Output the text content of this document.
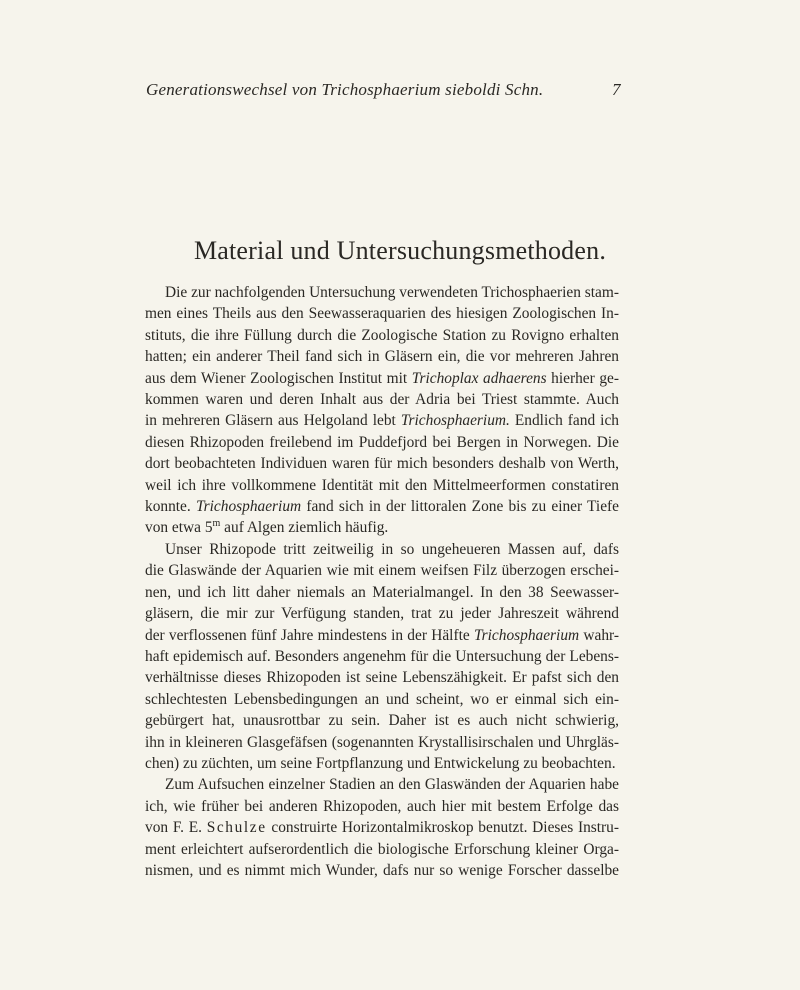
Generationswechsel von Trichosphaerium sieboldi Schn.	7
Material und Untersuchungsmethoden.
Die zur nachfolgenden Untersuchung verwendeten Trichosphaerien stam-
men eines Theils aus den Seewasseraquarien des hiesigen Zoologischen In-
stituts, die ihre Füllung durch die Zoologische Station zu Rovigno erhalten
hatten; ein anderer Theil fand sich in Gläsern ein, die vor mehreren Jahren
aus dem Wiener Zoologischen Institut mit Trichoplax adhaerens hierher ge-
kommen waren und deren Inhalt aus der Adria bei Triest stammte. Auch
in mehreren Gläsern aus Helgoland lebt Trichosphaerium. Endlich fand ich
diesen Rhizopoden freilebend im Puddefjord bei Bergen in Norwegen. Die
dort beobachteten Individuen waren für mich besonders deshalb von Werth,
weil ich ihre vollkommene Identität mit den Mittelmeerformen constatiren
konnte. Trichosphaerium fand sich in der littoralen Zone bis zu einer Tiefe
von etwa 5$^m$ auf Algen ziemlich häufig.
Unser Rhizopode tritt zeitweilig in so ungeheueren Massen auf, dafs
die Glaswände der Aquarien wie mit einem weifsen Filz überzogen erschei-
nen, und ich litt daher niemals an Materialmangel. In den 38 Seewasser-
gläsern, die mir zur Verfügung standen, trat zu jeder Jahreszeit während
der verflossenen fünf Jahre mindestens in der Hälfte Trichosphaerium wahr-
haft epidemisch auf. Besonders angenehm für die Untersuchung der Lebens-
verhältnisse dieses Rhizopoden ist seine Lebenszähigkeit. Er pafst sich den
schlechtesten Lebensbedingungen an und scheint, wo er einmal sich ein-
gebürgert hat, unausrottbar zu sein. Daher ist es auch nicht schwierig,
ihn in kleineren Glasgefäfsen (sogenannten Krystallisirschalen und Uhrgläs-
chen) zu züchten, um seine Fortpflanzung und Entwickelung zu beobachten.
Zum Aufsuchen einzelner Stadien an den Glaswänden der Aquarien habe
ich, wie früher bei anderen Rhizopoden, auch hier mit bestem Erfolge das
von F. E. Schulze construirte Horizontalmikroskop benutzt. Dieses Instru-
ment erleichtert aufserordentlich die biologische Erforschung kleiner Orga-
nismen, und es nimmt mich Wunder, dafs nur so wenige Forscher dasselbe
